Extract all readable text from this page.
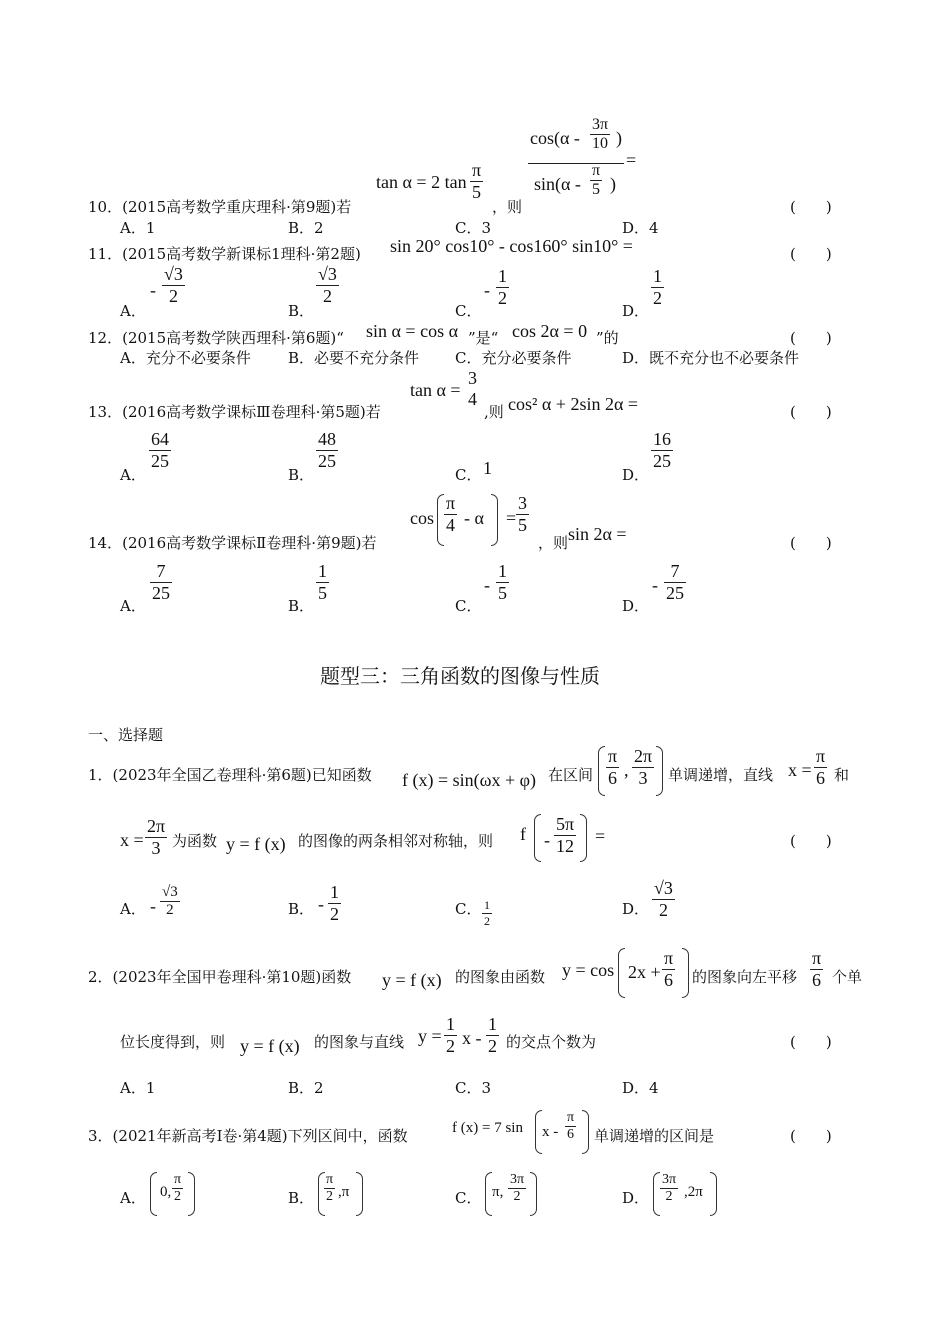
10．(2015高考数学重庆理科·第9题)若
tan α = 2 $\tan \frac{\pi}{5}$
，则
$\cos(\alpha - \frac{3\pi}{10}$ )
$\sin(\alpha - \frac{\pi}{5}$ )
=
(　　)
A．1	B．2	C．3	D．4
11．(2015高考数学新课标1理科·第2题) sin 20° cos10° - cos160° sin10° =	(　　)
A．
- $\frac{√3}{2}$
B．
$\frac{√3}{2}$
C．
- $\frac{1}{2}$
D．
$\frac{1}{2}$
12．(2015高考数学陕西理科·第6题)“ sin α = cos α ”是“ cos 2α = 0 ”的	(　　)
A．充分不必要条件 B．必要不充分条件 C．充分必要条件	D．既不充分也不必要条件
13．(2016高考数学课标Ⅲ卷理科·第5题)若
tan α =
3
4
,则 cos² α + 2sin 2α =	(　　)
A．
$\frac{64}{25}$
B．
$\frac{48}{25}$
C． 1	D．
$\frac{16}{25}$
14．(2016高考数学课标Ⅱ卷理科·第9题)若
$\cos \frac{\pi}{4} - \alpha = \frac{3}{5}$
，则 sin 2α =	(　　)
A．
$\frac{7}{25}$
B．
$\frac{1}{5}$
C．
- $\frac{1}{5}$
D．
- $\frac{7}{25}$
题型三：三角函数的图像与性质
一、选择题
1．(2023年全国乙卷理科·第6题)已知函数 f (x) = sin(ωx + φ) 在区间 $\frac{\pi}{6}$ , $\frac{2\pi}{3}$ 单调递增，直线 $x = \frac{\pi}{6}$ 和
$x = \frac{2\pi}{3}$ 为函数 y = f (x) 的图像的两条相邻对称轴，则 f - $\frac{5\pi}{12}$ =	(　　)
A． - $\frac{√3}{2}$	B． - $\frac{1}{2}$	C． $\frac{1}{2}$	D． $\frac{√3}{2}$
2．(2023年全国甲卷理科·第10题)函数 y = f (x) 的图象由函数 $y = \cos 2x + \frac{\pi}{6}$ 的图象向左平移 $\frac{\pi}{6}$ 个单
位长度得到，则 y = f (x) 的图象与直线 $y = \frac{1}{2}$ x - $\frac{1}{2}$ 的交点个数为	(　　)
A．1	B．2	C．3	D．4
3．(2021年新高考Ⅰ卷·第4题)下列区间中，函数	f (x) = 7 sin x - $\frac{\pi}{6}$ 单调递增的区间是	(　　)
A． 0, $\frac{\pi}{2}$	B． $\frac{\pi}{2} ,\pi$	C． π, $\frac{3\pi}{2}$	D． $\frac{3\pi}{2} ,2\pi$
